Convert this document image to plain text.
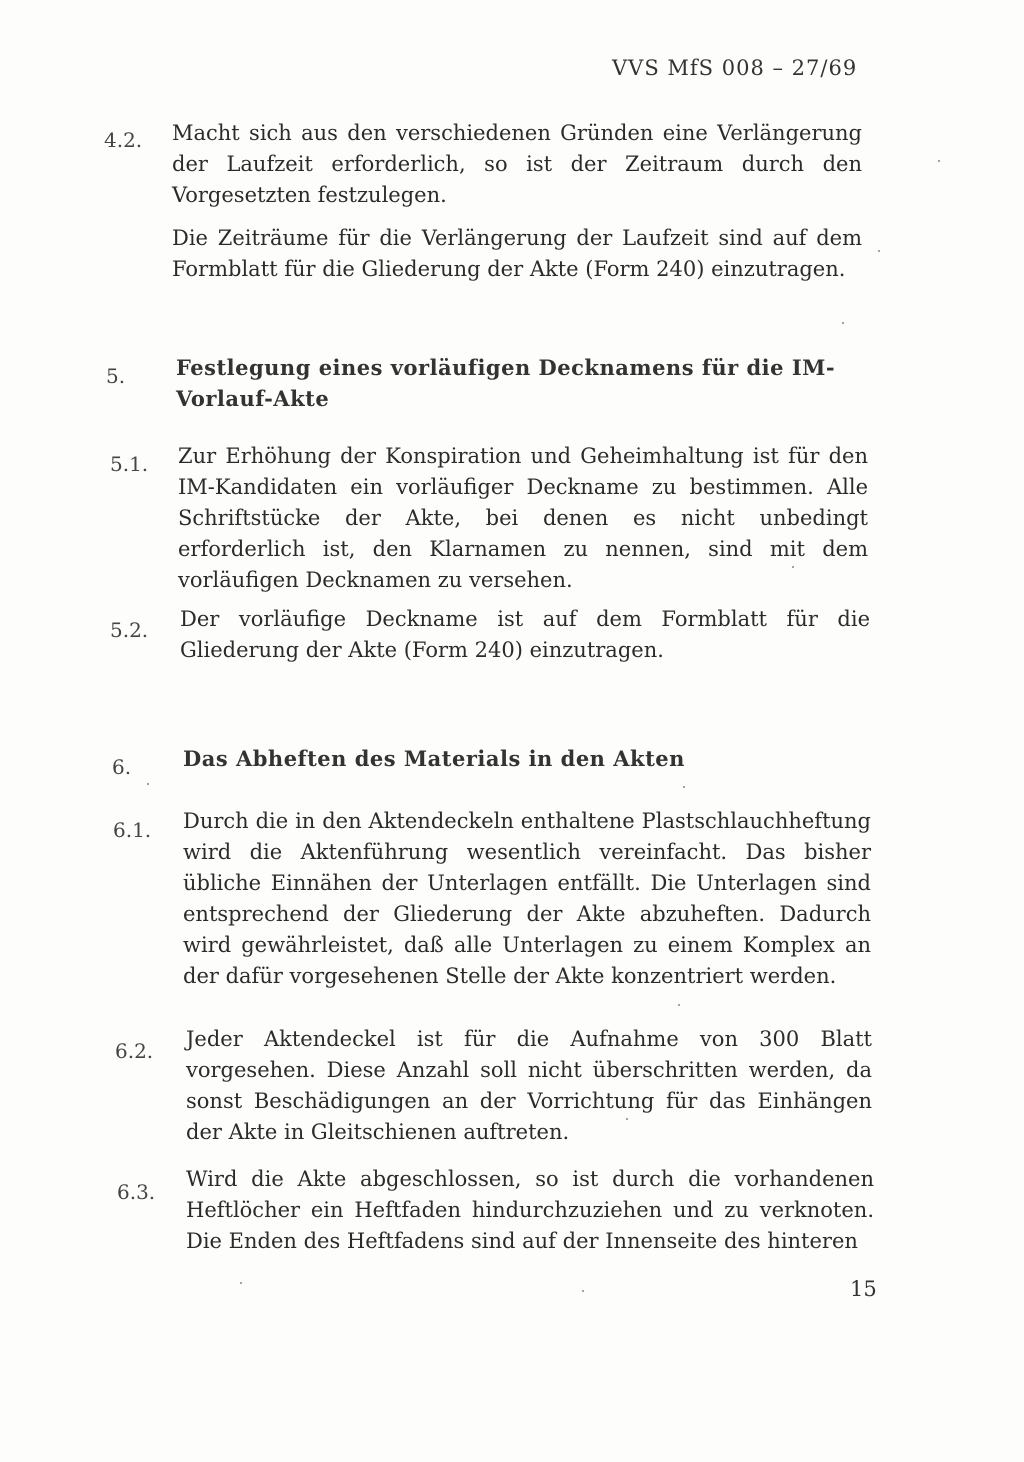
VVS MfS 008 – 27/69
4.2. Macht sich aus den verschiedenen Gründen eine Verlängerung der Laufzeit erforderlich, so ist der Zeitraum durch den Vorgesetzten festzulegen.

Die Zeiträume für die Verlängerung der Laufzeit sind auf dem Formblatt für die Gliederung der Akte (Form 240) einzutragen.

5. Festlegung eines vorläufigen Decknamens für die IM-Vorlauf-Akte
5.1. Zur Erhöhung der Konspiration und Geheimhaltung ist für den IM-Kandidaten ein vorläufiger Deckname zu bestimmen. Alle Schriftstücke der Akte, bei denen es nicht unbedingt erforderlich ist, den Klarnamen zu nennen, sind mit dem vorläufigen Decknamen zu versehen.

5.2. Der vorläufige Deckname ist auf dem Formblatt für die Gliederung der Akte (Form 240) einzutragen.

6. Das Abheften des Materials in den Akten
6.1. Durch die in den Aktendeckeln enthaltene Plastschlauchheftung wird die Aktenführung wesentlich vereinfacht. Das bisher übliche Einnähen der Unterlagen entfällt. Die Unterlagen sind entsprechend der Gliederung der Akte abzuheften. Dadurch wird gewährleistet, daß alle Unterlagen zu einem Komplex an der dafür vorgesehenen Stelle der Akte konzentriert werden.

6.2. Jeder Aktendeckel ist für die Aufnahme von 300 Blatt vorgesehen. Diese Anzahl soll nicht überschritten werden, da sonst Beschädigungen an der Vorrichtung für das Einhängen der Akte in Gleitschienen auftreten.

6.3.

Wird die Akte abgeschlossen, so ist durch die vorhandenen Heftlöcher ein Heftfaden hindurchzuziehen und zu verknoten. Die Enden des Heftfadens sind auf der Innenseite des hinteren

15
